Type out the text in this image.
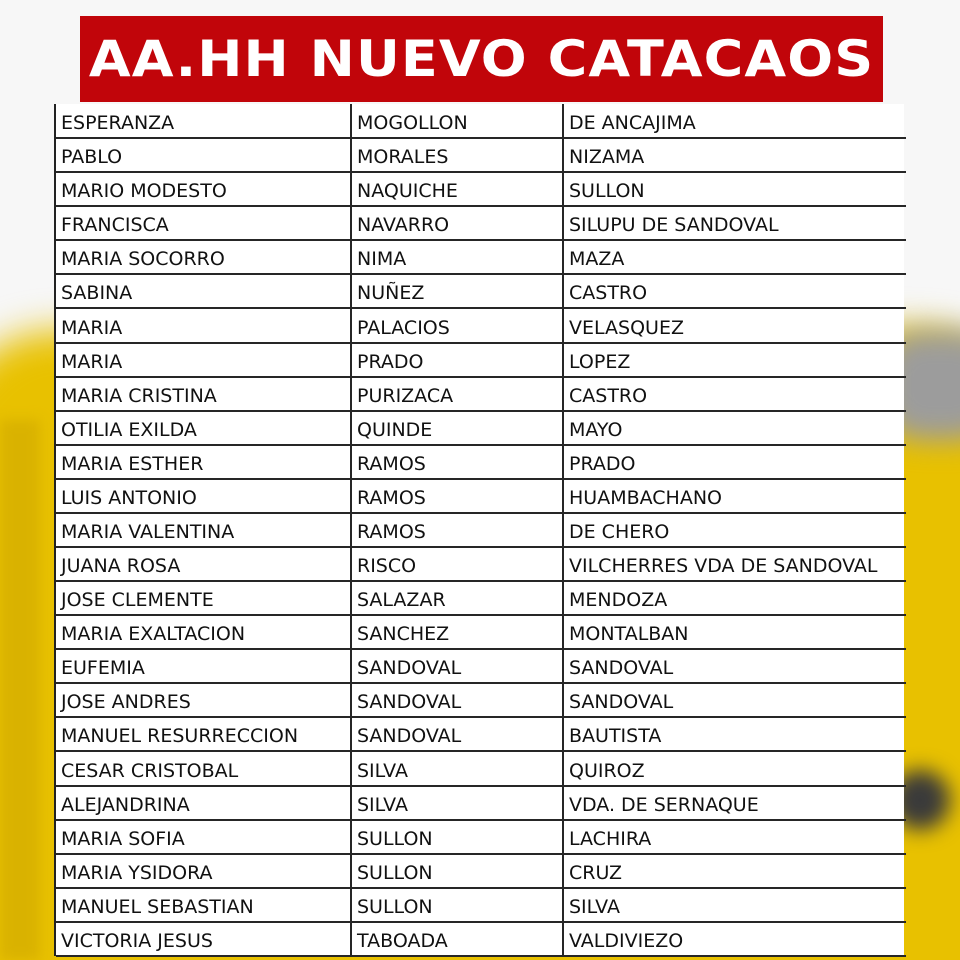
AA.HH NUEVO CATACAOS
ESPERANZA	MOGOLLON	DE ANCAJIMA
PABLO	MORALES	NIZAMA
MARIO MODESTO	NAQUICHE	SULLON
FRANCISCA	NAVARRO	SILUPU DE SANDOVAL
MARIA SOCORRO	NIMA	MAZA
SABINA	NUÑEZ	CASTRO
MARIA	PALACIOS	VELASQUEZ
MARIA	PRADO	LOPEZ
MARIA CRISTINA	PURIZACA	CASTRO
OTILIA EXILDA	QUINDE	MAYO
MARIA ESTHER	RAMOS	PRADO
LUIS ANTONIO	RAMOS	HUAMBACHANO
MARIA VALENTINA	RAMOS	DE CHERO
JUANA ROSA	RISCO	VILCHERRES VDA DE SANDOVAL
JOSE CLEMENTE	SALAZAR	MENDOZA
MARIA EXALTACION	SANCHEZ	MONTALBAN
EUFEMIA	SANDOVAL	SANDOVAL
JOSE ANDRES	SANDOVAL	SANDOVAL
MANUEL RESURRECCION	SANDOVAL	BAUTISTA
CESAR CRISTOBAL	SILVA	QUIROZ
ALEJANDRINA	SILVA	VDA. DE SERNAQUE
MARIA SOFIA	SULLON	LACHIRA
MARIA YSIDORA	SULLON	CRUZ
MANUEL SEBASTIAN	SULLON	SILVA
VICTORIA JESUS	TABOADA	VALDIVIEZO
